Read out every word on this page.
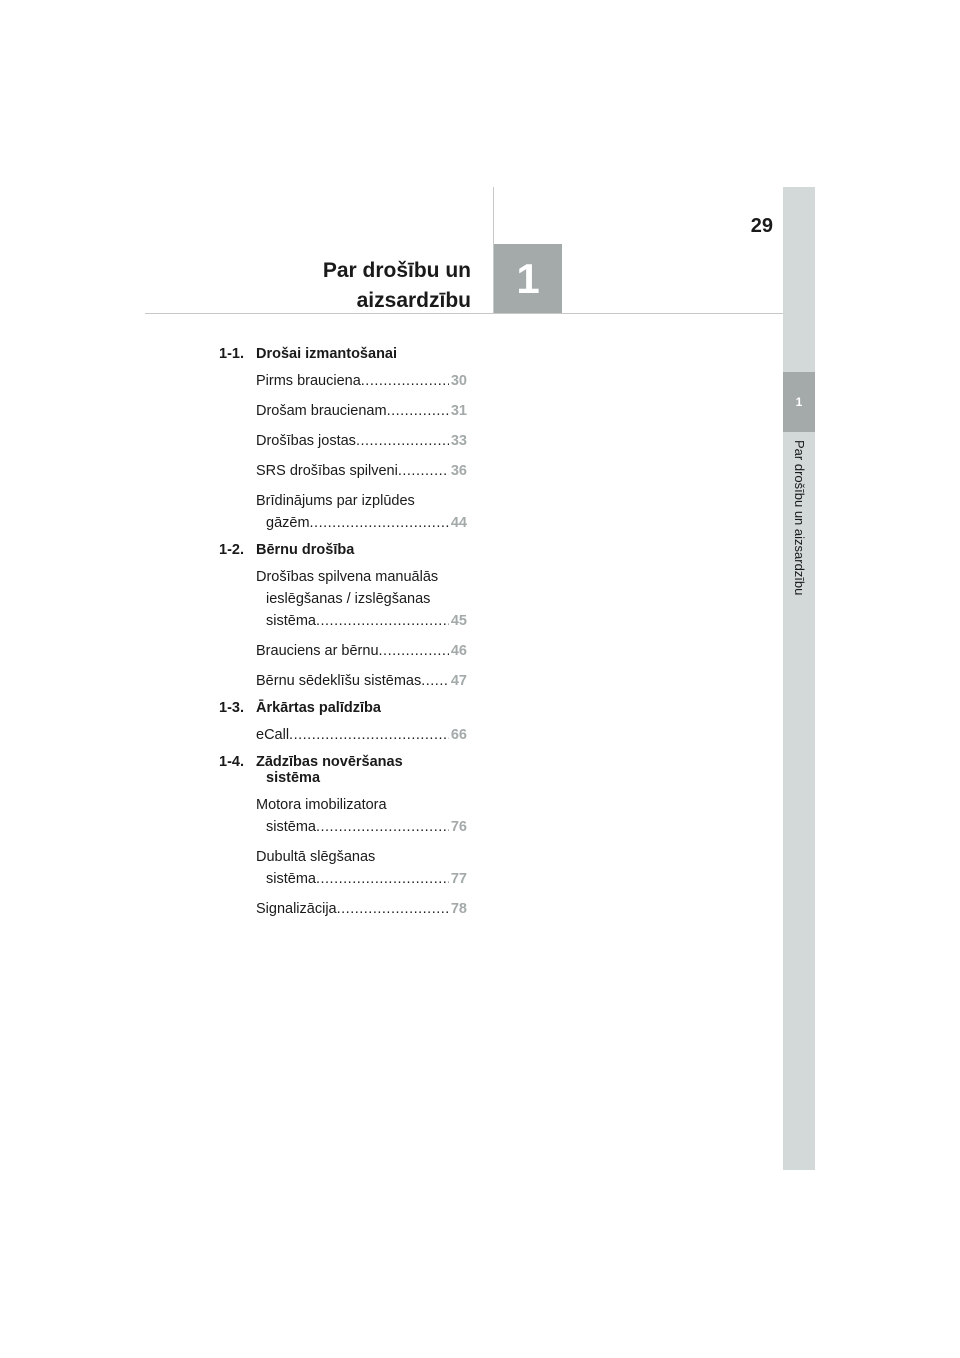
Par drošību un
aizsardzību	1
29
1
Par drošību un aizsardzību
1-1. Drošai izmantošanai
Pirms brauciena .....	30
Drošam braucienam .....	31
Drošības jostas .....	33
SRS drošības spilveni .....	36
Brīdinājums par izplūdes
gāzēm .....	44
1-2. Bērnu drošība
Drošības spilvena manuālās
ieslēgšanas / izslēgšanas
sistēma .....	45
Brauciens ar bērnu .....	46
Bērnu sēdeklīšu sistēmas ..... 47
1-3. Ārkārtas palīdzība
eCall .....	66
1-4. Zādzības novēršanas
sistēma
Motora imobilizatora
sistēma .....	76
Dubultā slēgšanas
sistēma .....	77
Signalizācija .....	78
